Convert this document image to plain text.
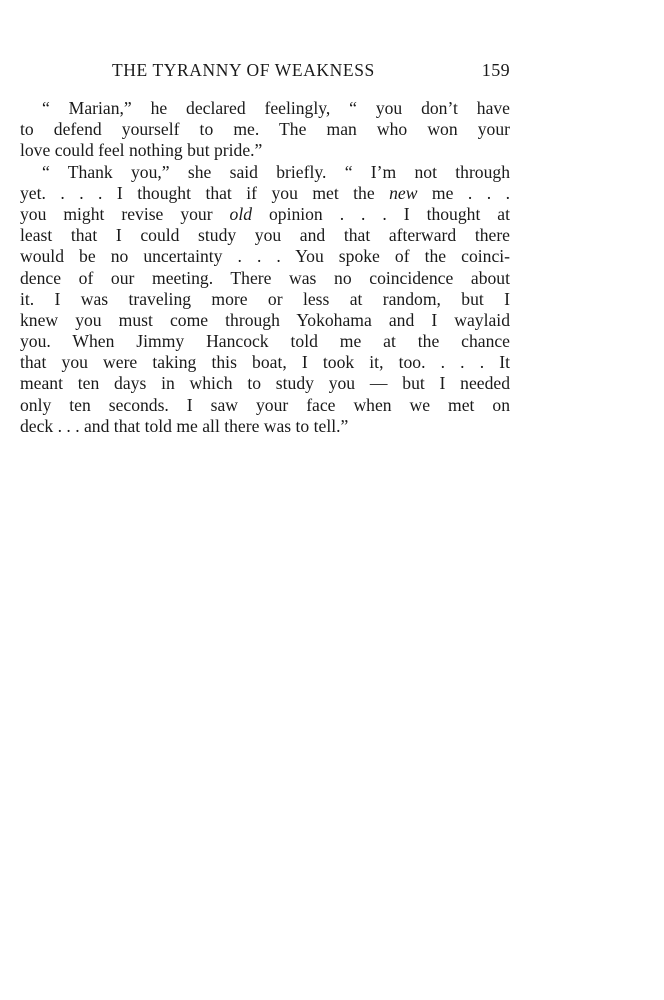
THE TYRANNY OF WEAKNESS	159
“ Marian,” he declared feelingly, “ you don’t have
to defend yourself to me. The man who won your
love could feel nothing but pride.”
“ Thank you,” she said briefly. “ I’m not through
yet. . . . I thought that if you met the new me . . .
you might revise your old opinion . . . I thought at
least that I could study you and that afterward there
would be no uncertainty . . . You spoke of the coinci-
dence of our meeting. There was no coincidence about
it. I was traveling more or less at random, but I
knew you must come through Yokohama and I waylaid
you. When Jimmy Hancock told me at the chance
that you were taking this boat, I took it, too. . . . It
meant ten days in which to study you — but I needed
only ten seconds. I saw your face when we met on
deck . . . and that told me all there was to tell.”
